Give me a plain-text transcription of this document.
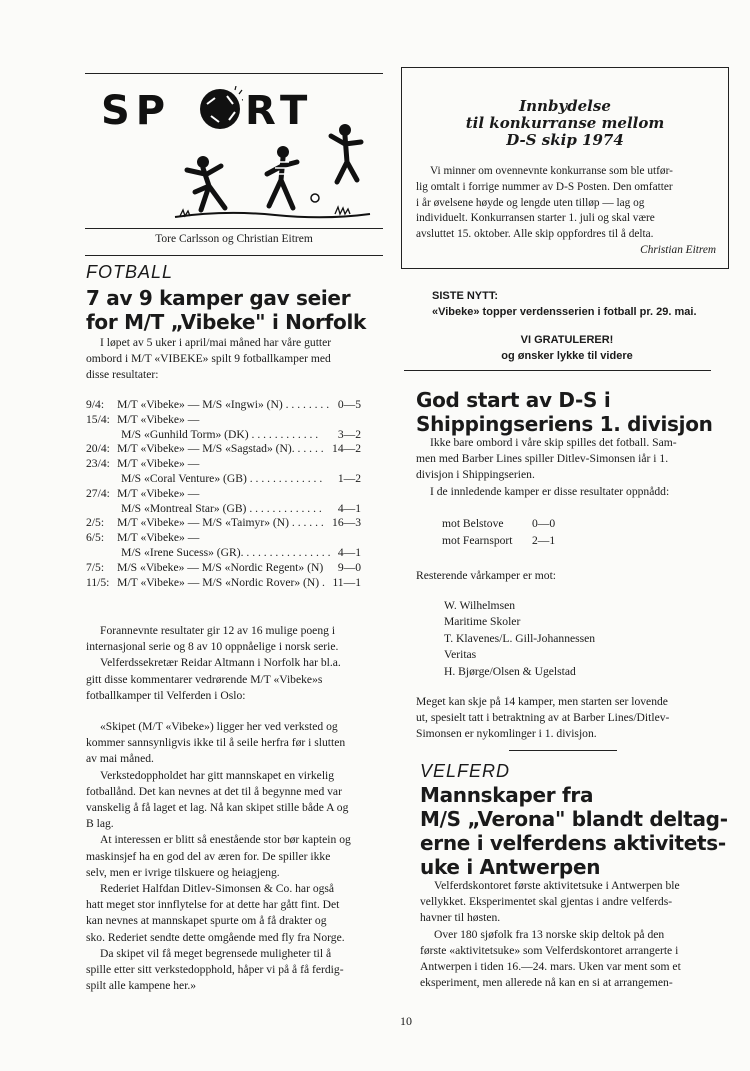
SP RT
Tore Carlsson og Christian Eitrem
FOTBALL
7 av 9 kamper gav seier
for M/T „Vibeke" i Norfolk
I løpet av 5 uker i april/mai måned har våre gutter
ombord i M/T «VIBEKE» spilt 9 fotballkamper med
disse resultater:
9/4:	M/T «Vibeke» — M/S «Ingwi» (N) . . . . . . . .	0—5
15/4:	M/T «Vibeke» —	
	M/S «Gunhild Torm» (DK) . . . . . . . . . . . .	3—2
20/4:	M/T «Vibeke» — M/S «Sagstad» (N). . . . . .	14—2
23/4:	M/T «Vibeke» —	
	M/S «Coral Venture» (GB) . . . . . . . . . . . . .	1—2
27/4:	M/T «Vibeke» —	
	M/S «Montreal Star» (GB) . . . . . . . . . . . . .	4—1
2/5:	M/T «Vibeke» — M/S «Taimyr» (N) . . . . . .	16—3
6/5:	M/T «Vibeke» —	
	M/S «Irene Sucess» (GR). . . . . . . . . . . . . . . .	4—1
7/5:	M/S «Vibeke» — M/S «Nordic Regent» (N)	9—0
11/5:	M/T «Vibeke» — M/S «Nordic Rover» (N) .	11—1

Forannevnte resultater gir 12 av 16 mulige poeng i
internasjonal serie og 8 av 10 oppnåelige i norsk serie.

Velferdssekretær Reidar Altmann i Norfolk har bl.a.
gitt disse kommentarer vedrørende M/T «Vibeke»s
fotballkamper til Velferden i Oslo:

«Skipet (M/T «Vibeke») ligger her ved verksted og
kommer sannsynligvis ikke til å seile herfra før i slutten
av mai måned.

Verkstedoppholdet har gitt mannskapet en virkelig
fotballånd. Det kan nevnes at det til å begynne med var
vanskelig å få laget et lag. Nå kan skipet stille både A og
B lag.

At interessen er blitt så enestående stor bør kaptein og
maskinsjef ha en god del av æren for. De spiller ikke
selv, men er ivrige tilskuere og heiagjeng.

Rederiet Halfdan Ditlev-Simonsen & Co. har også
hatt meget stor innflytelse for at dette har gått fint. Det
kan nevnes at mannskapet spurte om å få drakter og
sko. Rederiet sendte dette omgående med fly fra Norge.

Da skipet vil få meget begrensede muligheter til å
spille etter sitt verkstedopphold, håper vi på å få ferdig-
spilt alle kampene her.»

Innbydelse
til konkurranse mellom
D-S skip 1974
Vi minner om ovennevnte konkurranse som ble utfør-
lig omtalt i forrige nummer av D-S Posten. Den omfatter
i år øvelsene høyde og lengde uten tilløp — lag og
individuelt. Konkurransen starter 1. juli og skal være
avsluttet 15. oktober. Alle skip oppfordres til å delta.
Christian Eitrem
SISTE NYTT:
«Vibeke» topper verdensserien i fotball pr. 29. mai.
VI GRATULERER!
og ønsker lykke til videre
God start av D-S i
Shippingseriens 1. divisjon

Ikke bare ombord i våre skip spilles det fotball. Sam-
men med Barber Lines spiller Ditlev-Simonsen iår i 1.
divisjon i Shippingserien.

I de innledende kamper er disse resultater oppnådd:

mot Belstove	0—0
mot Fearnsport	2—1
Resterende vårkamper er mot:
W. Wilhelmsen
Maritime Skoler
T. Klavenes/L. Gill-Johannessen
Veritas
H. Bjørge/Olsen & Ugelstad
Meget kan skje på 14 kamper, men starten ser lovende
ut, spesielt tatt i betraktning av at Barber Lines/Ditlev-
Simonsen er nykomlinger i 1. divisjon.
VELFERD
Mannskaper fra
M/S „Verona" blandt deltag-
erne i velferdens aktivitets-
uke i Antwerpen

Velferdskontoret første aktivitetsuke i Antwerpen ble
vellykket. Eksperimentet skal gjentas i andre velferds-
havner til høsten.

Over 180 sjøfolk fra 13 norske skip deltok på den
første «aktivitetsuke» som Velferdskontoret arrangerte i
Antwerpen i tiden 16.—24. mars. Uken var ment som et
eksperiment, men allerede nå kan en si at arrangemen-

10
